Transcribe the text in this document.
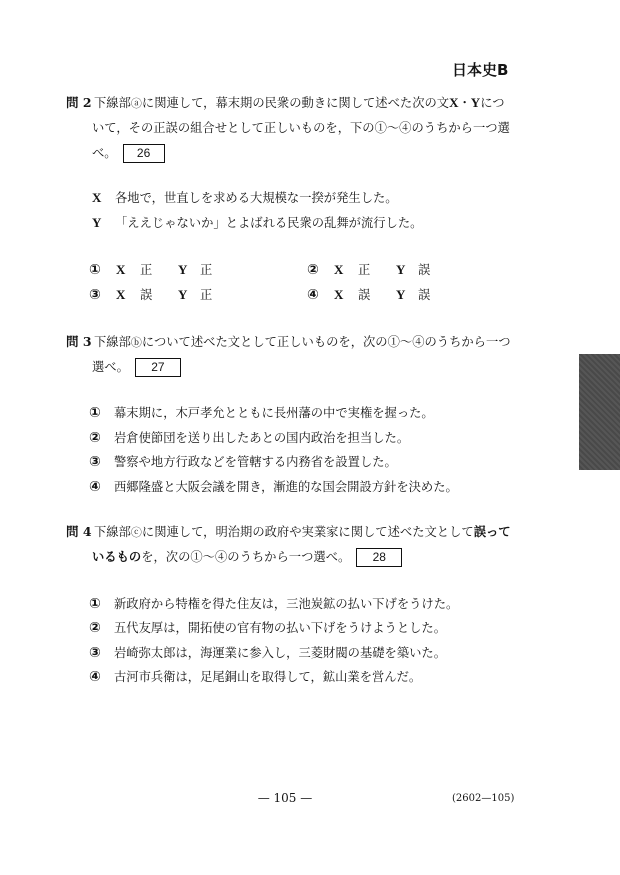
日本史B
問 2 下線部ⓐに関連して，幕末期の民衆の動きに関して述べた次の文X・Yにつ
いて，その正誤の組合せとして正しいものを，下の①～④のうちから一つ選
べ。 26
X 各地で，世直しを求める大規模な一揆が発生した。
Y 「ええじゃないか」とよばれる民衆の乱舞が流行した。
① X 正 Y 正	② X 正 Y 誤
③ X 誤 Y 正	④ X 誤 Y 誤
問 3 下線部ⓑについて述べた文として正しいものを，次の①～④のうちから一つ
選べ。 27
① 幕末期に，木戸孝允とともに長州藩の中で実権を握った。
② 岩倉使節団を送り出したあとの国内政治を担当した。
③ 警察や地方行政などを管轄する内務省を設置した。
④ 西郷隆盛と大阪会議を開き，漸進的な国会開設方針を決めた。
問 4 下線部ⓒに関連して，明治期の政府や実業家に関して述べた文として誤って
いるものを，次の①～④のうちから一つ選べ。 28
① 新政府から特権を得た住友は，三池炭鉱の払い下げをうけた。
② 五代友厚は，開拓使の官有物の払い下げをうけようとした。
③ 岩崎弥太郎は，海運業に参入し，三菱財閥の基礎を築いた。
④ 古河市兵衛は，足尾銅山を取得して，鉱山業を営んだ。
— 105 —	(2602—105)
